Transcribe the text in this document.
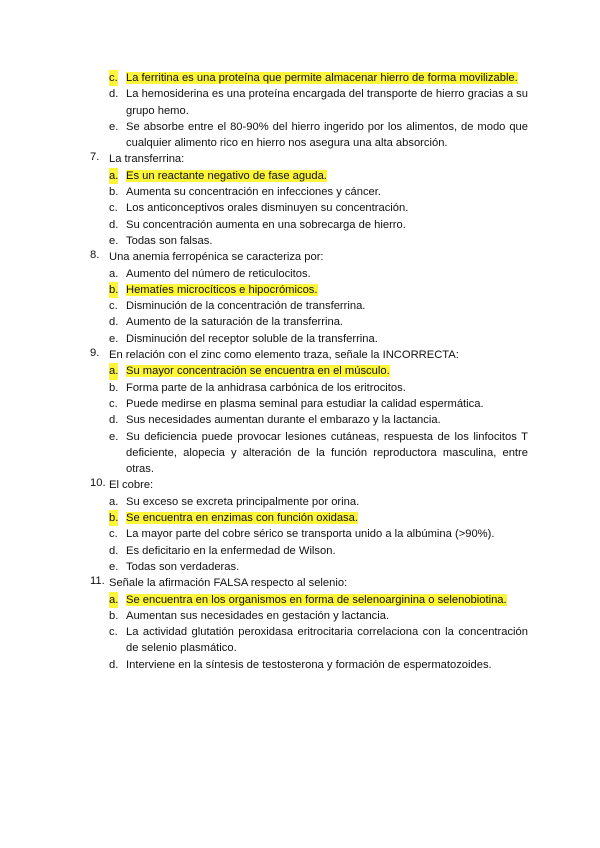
c. La ferritina es una proteína que permite almacenar hierro de forma movilizable.
d. La hemosiderina es una proteína encargada del transporte de hierro gracias a su grupo hemo.
e. Se absorbe entre el 80-90% del hierro ingerido por los alimentos, de modo que cualquier alimento rico en hierro nos asegura una alta absorción.
7. La transferrina:
a. Es un reactante negativo de fase aguda.
b. Aumenta su concentración en infecciones y cáncer.
c. Los anticonceptivos orales disminuyen su concentración.
d. Su concentración aumenta en una sobrecarga de hierro.
e. Todas son falsas.
8. Una anemia ferropénica se caracteriza por:
a. Aumento del número de reticulocitos.
b. Hematíes microcíticos e hipocrómicos.
c. Disminución de la concentración de transferrina.
d. Aumento de la saturación de la transferrina.
e. Disminución del receptor soluble de la transferrina.
9. En relación con el zinc como elemento traza, señale la INCORRECTA:
a. Su mayor concentración se encuentra en el músculo.
b. Forma parte de la anhidrasa carbónica de los eritrocitos.
c. Puede medirse en plasma seminal para estudiar la calidad espermática.
d. Sus necesidades aumentan durante el embarazo y la lactancia.
e. Su deficiencia puede provocar lesiones cutáneas, respuesta de los linfocitos T deficiente, alopecia y alteración de la función reproductora masculina, entre otras.
10. El cobre:
a. Su exceso se excreta principalmente por orina.
b. Se encuentra en enzimas con función oxidasa.
c. La mayor parte del cobre sérico se transporta unido a la albúmina (>90%).
d. Es deficitario en la enfermedad de Wilson.
e. Todas son verdaderas.
11. Señale la afirmación FALSA respecto al selenio:
a. Se encuentra en los organismos en forma de selenoarginina o selenobiotina.
b. Aumentan sus necesidades en gestación y lactancia.
c. La actividad glutatión peroxidasa eritrocitaria correlaciona con la concentración de selenio plasmático.
d. Interviene en la síntesis de testosterona y formación de espermatozoides.
